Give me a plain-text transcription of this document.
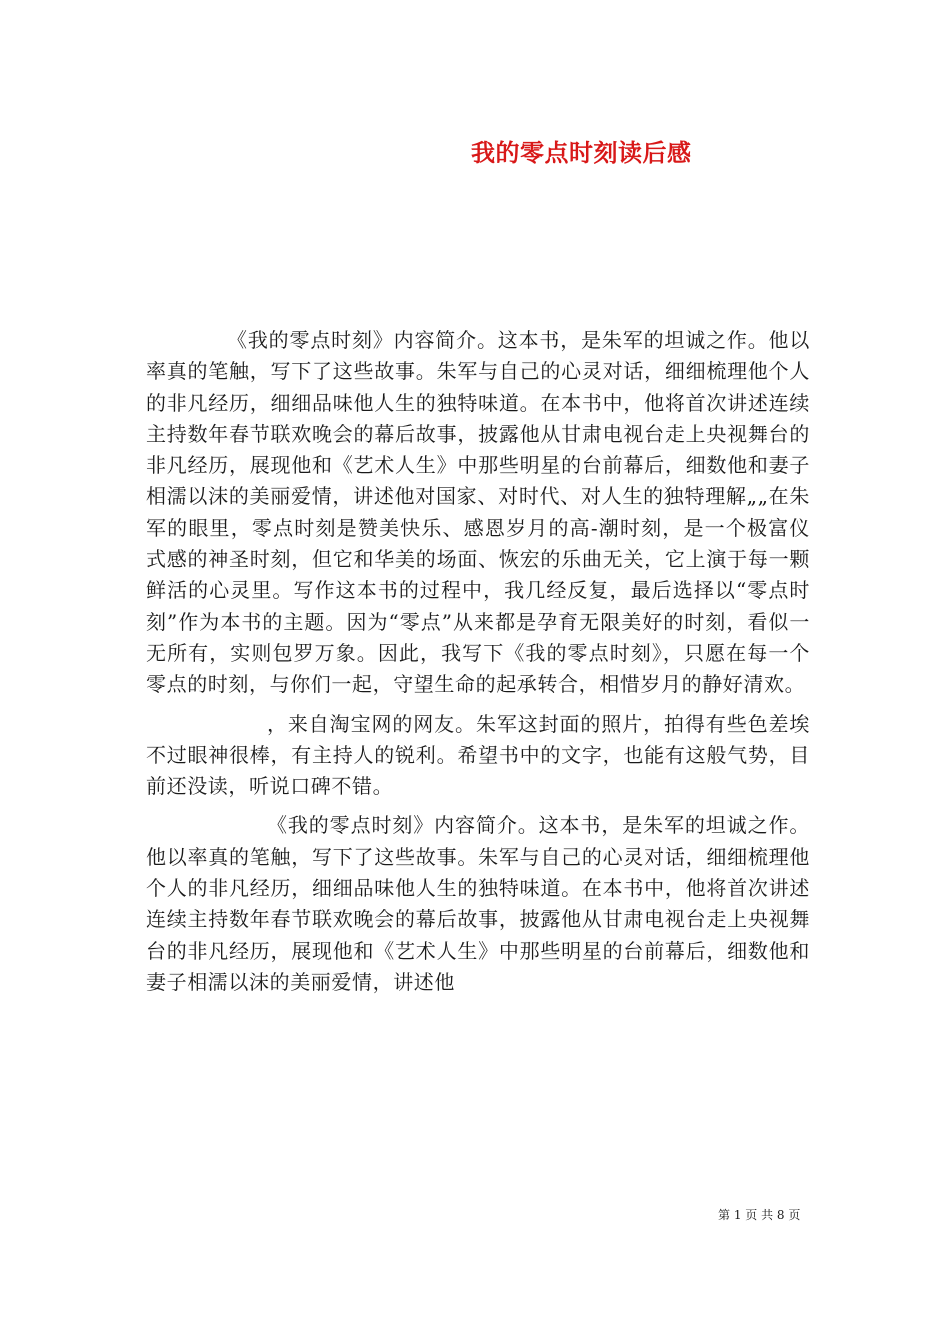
我的零点时刻读后感

《我的零点时刻》内容简介。这本书，是朱军的坦诚之作。他以率真的笔触，写下了这些故事。朱军与自己的心灵对话，细细梳理他个人的非凡经历，细细品味他人生的独特味道。在本书中，他将首次讲述连续主持数年春节联欢晚会的幕后故事，披露他从甘肃电视台走上央视舞台的非凡经历，展现他和《艺术人生》中那些明星的台前幕后，细数他和妻子相濡以沫的美丽爱情，讲述他对国家、对时代、对人生的独特理解„„在朱军的眼里，零点时刻是赞美快乐、感恩岁月的高-潮时刻，是一个极富仪式感的神圣时刻，但它和华美的场面、恢宏的乐曲无关，它上演于每一颗鲜活的心灵里。写作这本书的过程中，我几经反复，最后选择以“零点时刻”作为本书的主题。因为“零点”从来都是孕育无限美好的时刻，看似一无所有，实则包罗万象。因此，我写下《我的零点时刻》，只愿在每一个零点的时刻，与你们一起，守望生命的起承转合，相惜岁月的静好清欢。

，来自淘宝网的网友。朱军这封面的照片，拍得有些色差埃不过眼神很棒，有主持人的锐利。希望书中的文字，也能有这般气势，目前还没读，听说口碑不错。

《我的零点时刻》内容简介。这本书，是朱军的坦诚之作。他以率真的笔触，写下了这些故事。朱军与自己的心灵对话，细细梳理他个人的非凡经历，细细品味他人生的独特味道。在本书中，他将首次讲述连续主持数年春节联欢晚会的幕后故事，披露他从甘肃电视台走上央视舞台的非凡经历，展现他和《艺术人生》中那些明星的台前幕后，细数他和妻子相濡以沫的美丽爱情，讲述他

第 1 页 共 8 页
